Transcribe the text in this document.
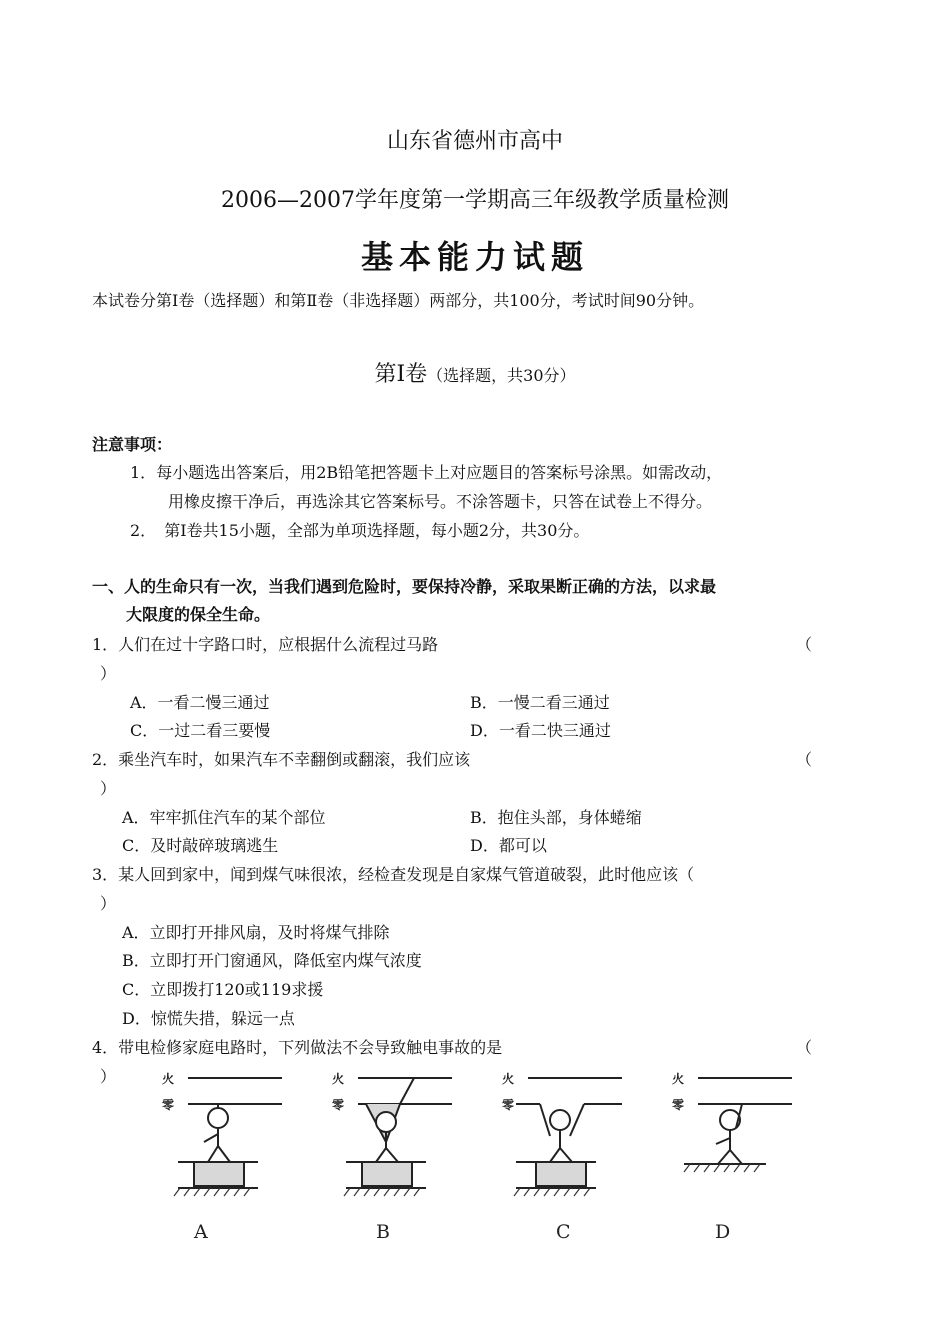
山东省德州市高中
2006—2007学年度第一学期高三年级教学质量检测
基本能力试题
本试卷分第Ⅰ卷（选择题）和第Ⅱ卷（非选择题）两部分，共100分，考试时间90分钟。
第Ⅰ卷（选择题，共30分）
注意事项：
1．每小题选出答案后，用2B铅笔把答题卡上对应题目的答案标号涂黑。如需改动，
用橡皮擦干净后，再选涂其它答案标号。不涂答题卡，只答在试卷上不得分。
2． 第Ⅰ卷共15小题，全部为单项选择题，每小题2分，共30分。
一、人的生命只有一次，当我们遇到危险时，要保持冷静，采取果断正确的方法，以求最
大限度的保全生命。
1．人们在过十字路口时，应根据什么流程过马路	（
）
A．一看二慢三通过	B．一慢二看三通过
C．一过二看三要慢	D．一看二快三通过
2．乘坐汽车时，如果汽车不幸翻倒或翻滚，我们应该	（
）
A．牢牢抓住汽车的某个部位	B．抱住头部，身体蜷缩
C．及时敲碎玻璃逃生	D．都可以
3．某人回到家中，闻到煤气味很浓，经检查发现是自家煤气管道破裂，此时他应该（
）
A．立即打开排风扇，及时将煤气排除
B．立即打开门窗通风，降低室内煤气浓度
C．立即拨打120或119求援
D．惊慌失措，躲远一点
4．带电检修家庭电路时，下列做法不会导致触电事故的是	（
）	火
零
火
零
火
零
火
零
A	B	C	D
